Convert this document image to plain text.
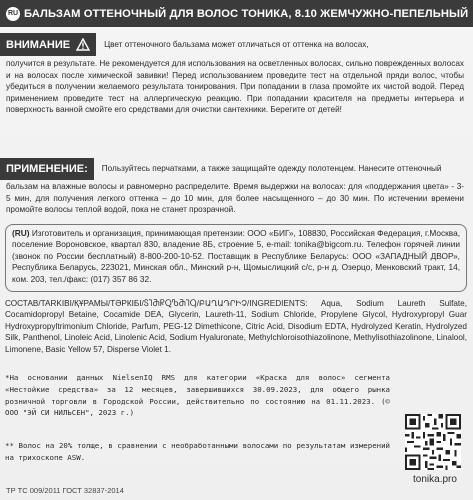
RU БАЛЬЗАМ ОТТЕНОЧНЫЙ ДЛЯ ВОЛОС ТОНИКА, 8.10 ЖЕМЧУЖНО-ПЕПЕЛЬНЫЙ
ВНИМАНИЕ	Цвет оттеночного бальзама может отличаться от оттенка на волосах,

получится в результате. Не рекомендуется для использования на осветленных волосах, сильно поврежденных волосах и на волосах после химической завивки! Перед использованием проведите тест на отдельной пряди волос, чтобы убедиться в получении желаемого результата тонирования. При попадании в глаза промойте их чистой водой. Перед применением проведите тест на аллергическую реакцию. При попадании красителя на предметы интерьера и поверхность ванной смойте его средствами для очистки сантехники. Берегите от детей!

ПРИМЕНЕНИЕ:	Пользуйтесь перчатками, а также защищайте одежду полотенцем. Нанесите оттеночный

бальзам на влажные волосы и равномерно распределите. Время выдержки на волосах: для «поддержания цвета» - 3-5 мин, для получения легкого оттенка – до 10 мин, для более насыщенного – до 30 мин. По истечении времени промойте волосы теплой водой, пока не станет прозрачной.

(RU) Изготовитель и организация, принимающая претензии: ООО «БИГ», 108830, Российская Федерация, г.Москва, поселение Вороновское, квартал 830, владение 8Б, строение 5, e-mail: tonika@bigcom.ru. Телефон горячей линии (звонок по России бесплатный) 8-800-200-10-52. Поставщик в Республике Беларусь: ООО «ЗАПАДНЫЙ ДВОР», Республика Беларусь, 223021, Минская обл., Минский р-н, Щомыслицкий с/с, р-н д. Озерцо, Менковский тракт, 14, ком. 203, тел./факс: (017) 357 86 32.

СОСТАВ/TARKIBI/ҚҰРАМЫ/ТӘРКІБІ/ႽႨႫႼႭႪႫႨႳ/ԲԱՂԱԴՐԻՉ/INGREDIENTS: Aqua, Sodium Laureth Sulfate, Cocamidopropyl Betaine, Cocamide DEA, Glycerin, Laureth-11, Sodium Chloride, Propylene Glycol, Hydroxypropyl Guar Hydroxypropyltrimonium Chloride, Parfum, PEG-12 Dimethicone, Citric Acid, Disodium EDTA, Hydrolyzed Keratin, Hydrolyzed Silk, Panthenol, Linoleic Acid, Linolenic Acid, Sodium Hyaluronate, Methylchloroisothiazolinone, Methylisothiazolinone, Linalool, Limonene, Basic Yellow 57, Disperse Violet 1.

*На основании данных NielsenIQ RMS для категории «Краска для волос» сегмента «Нестойкие средства» за 12 месяцев, завершившихся 30.09.2023, для общего рынка розничной торговли в Городской России, действительно по состоянию на 01.11.2023. (© ООО "ЭЙ СИ НИЛЬСЕН", 2023 г.)

** Волос на 20% толще, в сравнении с необработанными волосами по результатам измерений на трихоскопе ASW.

tonika.pro
ТР ТС 009/2011 ГОСТ 32837-2014
